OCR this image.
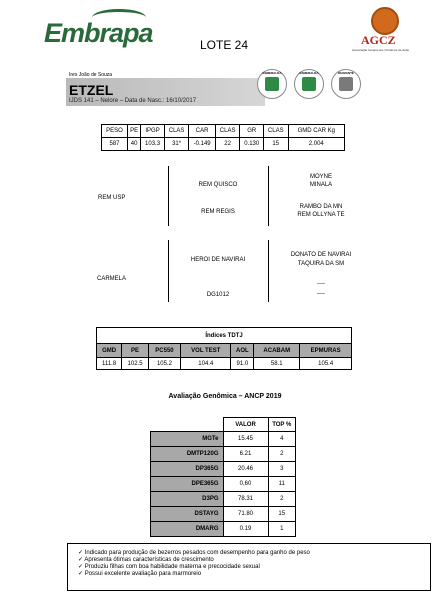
Embrapa	LOTE 24	AGCZ
Associação Goiana dos Criadores de Zebu
Ires João de Souza
ETZEL
IJDS 141 – Nelore – Data de Nasc.: 16/10/2017
ESMERALDA	ESMERALDA	DIAMANTE
PESO	PE	IPGP	CLAS	CAR	CLAS	GR	CLAS	GMD CAR Kg
587	40	103.3	31*	-0.149	22	0.130	15	2.004
REM USP
REM QUISCO
REM REGIS
MOYNE
MINALA
RAMBO DA MN
REM OLLYNA TE
CARMELA
HEROI DE NAVIRAI
DG1012
DONATO DE NAVIRAI
TAQUIRA DA SM
----
----
Índices TDTJ						
GMD	PE	PC550	VOL TEST	AOL	ACABAM	EPMURAS
111.8	102.5	105.2	104.4	91.0	58.1	105.4
Avaliação Genômica – ANCP 2019
	VALOR	TOP %
MGTe	15.45	4
DMTP120G	6.21	2
DP365G	20.46	3
DPE365G	0,60	11
D3PG	78.31	2
DSTAYG	71.80	15
DMARG	0.19	1
✓ Indicado para produção de bezerros pesados com desempenho para ganho de peso
✓ Apresenta ótimas características de crescimento
✓ Produziu filhas com boa habilidade materna e precocidade sexual
✓ Possui excelente avaliação para marmoreio
